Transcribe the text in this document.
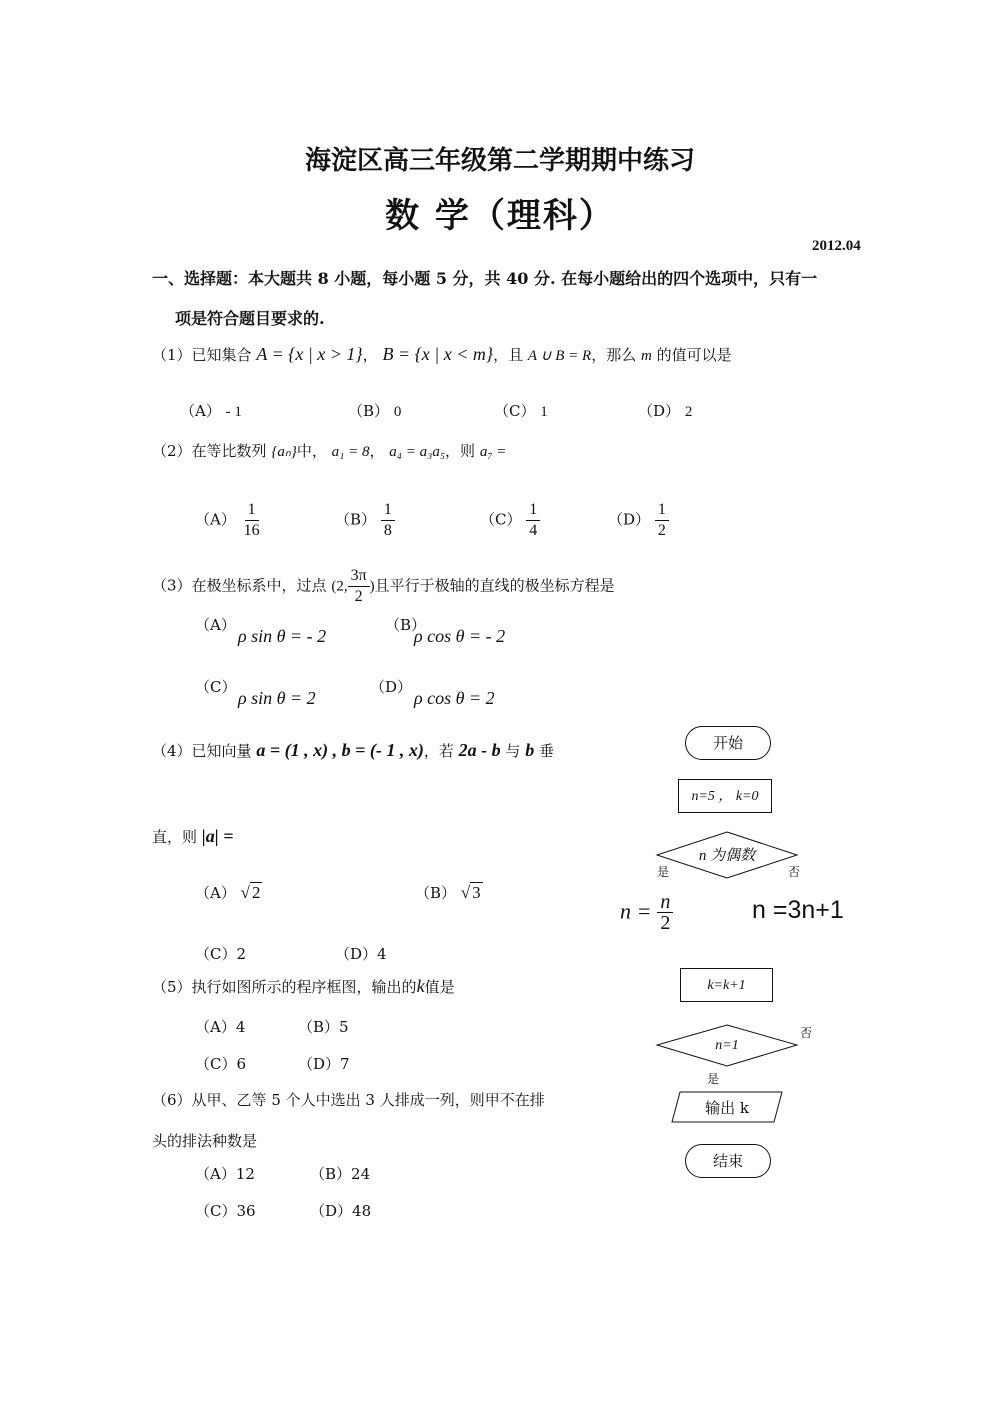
海淀区高三年级第二学期期中练习
数 学（理科）
2012.04
一、选择题：本大题共 8 小题，每小题 5 分，共 40 分. 在每小题给出的四个选项中，只有一
项是符合题目要求的.
（1）已知集合 A = {x | x > 1}， B = {x | x < m}，且 A ∪ B = R，那么 m 的值可以是
（A） - 1	（B） 0	（C） 1	（D） 2
（2）在等比数列 {aₙ}中， a₁ = 8， a₄ = a₃a₅，则 a₇ =
$(A) \frac{1}{16}$	$(B) \frac{1}{8}$	$(C) \frac{1}{4}$	$(D) \frac{1}{2}$
（3）在极坐标系中，过点 (2, $\frac{3\pi}{2}$ )且平行于极轴的直线的极坐标方程是
（A）
ρ sin θ = - 2
（B）
ρ cos θ = - 2
（C）
ρ sin θ = 2
（D）
ρ cos θ = 2
（4）已知向量 a = (1 , x) , b = (- 1 , x)，若 2a - b 与 b 垂
直，则 |a| =
（A） √ 2	（B） √ 3
（C）2	（D）4
（5）执行如图所示的程序框图，输出的k值是
（A）4	（B）5
（C）6	（D）7
（6）从甲、乙等 5 个人中选出 3 人排成一列，则甲不在排
头的排法种数是
（A）12	（B）24
（C）36	（D）48
开始
n=5 ， k=0
n 为偶数
是	否
$n = \frac{n}{2}$	n =3n+1
k=k+1
n=1
否
是
输出 k
结束
